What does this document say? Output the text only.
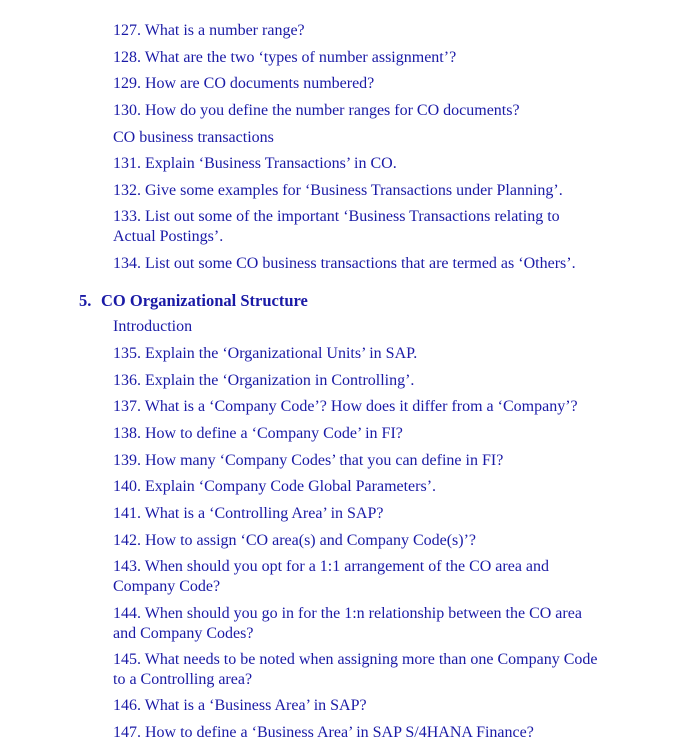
127. What is a number range?
128. What are the two ‘types of number assignment’?
129. How are CO documents numbered?
130. How do you define the number ranges for CO documents?
CO business transactions
131. Explain ‘Business Transactions’ in CO.
132. Give some examples for ‘Business Transactions under Planning’.
133. List out some of the important ‘Business Transactions relating to Actual Postings’.
134. List out some CO business transactions that are termed as ‘Others’.
5. CO Organizational Structure
Introduction
135. Explain the ‘Organizational Units’ in SAP.
136. Explain the ‘Organization in Controlling’.
137. What is a ‘Company Code’? How does it differ from a ‘Company’?
138. How to define a ‘Company Code’ in FI?
139. How many ‘Company Codes’ that you can define in FI?
140. Explain ‘Company Code Global Parameters’.
141. What is a ‘Controlling Area’ in SAP?
142. How to assign ‘CO area(s) and Company Code(s)’?
143. When should you opt for a 1:1 arrangement of the CO area and Company Code?
144. When should you go in for the 1:n relationship between the CO area and Company Codes?
145. What needs to be noted when assigning more than one Company Code to a Controlling area?
146. What is a ‘Business Area’ in SAP?
147. How to define a ‘Business Area’ in SAP S/4HANA Finance?
